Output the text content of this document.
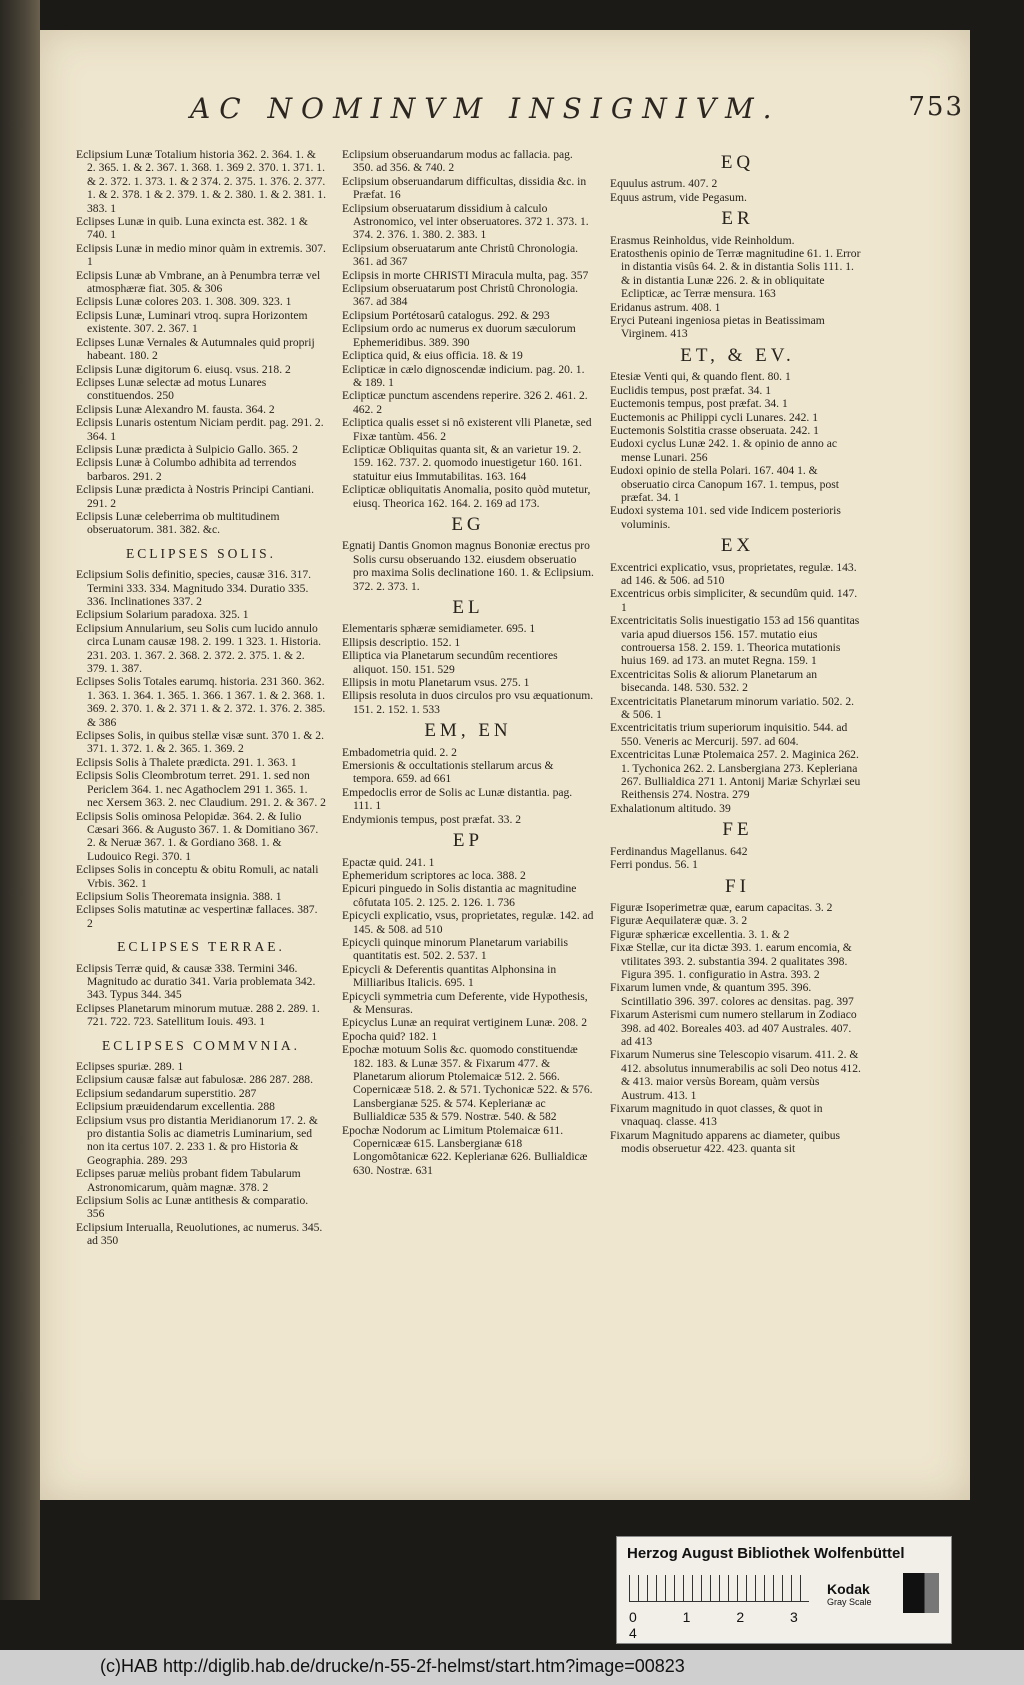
AC NOMINVM INSIGNIVM.	753

Eclipsium Lunæ Totalium historia 362. 2. 364. 1. & 2. 365. 1. & 2. 367. 1. 368. 1. 369 2. 370. 1. 371. 1. & 2. 372. 1. 373. 1. & 2 374. 2. 375. 1. 376. 2. 377. 1. & 2. 378. 1 & 2. 379. 1. & 2. 380. 1. & 2. 381. 1. 383. 1

Eclipses Lunæ in quib. Luna exincta est. 382. 1 & 740. 1

Eclipsis Lunæ in medio minor quàm in extremis. 307. 1

Eclipsis Lunæ ab Vmbrane, an à Penumbra terræ vel atmosphæræ fiat. 305. & 306

Eclipsis Lunæ colores 203. 1. 308. 309. 323. 1

Eclipsis Lunæ, Luminari vtroq. supra Horizontem existente. 307. 2. 367. 1

Eclipses Lunæ Vernales & Autumnales quid proprij habeant. 180. 2

Eclipsis Lunæ digitorum 6. eiusq. vsus. 218. 2

Eclipses Lunæ selectæ ad motus Lunares constituendos. 250

Eclipsis Lunæ Alexandro M. fausta. 364. 2

Eclipsis Lunaris ostentum Niciam perdit. pag. 291. 2. 364. 1

Eclipsis Lunæ prædicta à Sulpicio Gallo. 365. 2

Eclipsis Lunæ à Columbo adhibita ad terrendos barbaros. 291. 2

Eclipsis Lunæ prædicta à Nostris Principi Cantiani. 291. 2

Eclipsis Lunæ celeberrima ob multitudinem obseruatorum. 381. 382. &c.

ECLIPSES SOLIS.

Eclipsium Solis definitio, species, causæ 316. 317. Termini 333. 334. Magnitudo 334. Duratio 335. 336. Inclinationes 337. 2

Eclipsium Solarium paradoxa. 325. 1

Eclipsium Annularium, seu Solis cum lucido annulo circa Lunam causæ 198. 2. 199. 1 323. 1. Historia. 231. 203. 1. 367. 2. 368. 2. 372. 2. 375. 1. & 2. 379. 1. 387.

Eclipses Solis Totales earumq. historia. 231 360. 362. 1. 363. 1. 364. 1. 365. 1. 366. 1 367. 1. & 2. 368. 1. 369. 2. 370. 1. & 2. 371 1. & 2. 372. 1. 376. 2. 385. & 386

Eclipses Solis, in quibus stellæ visæ sunt. 370 1. & 2. 371. 1. 372. 1. & 2. 365. 1. 369. 2

Eclipsis Solis à Thalete prædicta. 291. 1. 363. 1

Eclipsis Solis Cleombrotum terret. 291. 1. sed non Periclem 364. 1. nec Agathoclem 291 1. 365. 1. nec Xersem 363. 2. nec Claudium. 291. 2. & 367. 2

Eclipsis Solis ominosa Pelopidæ. 364. 2. & Iulio Cæsari 366. & Augusto 367. 1. & Domitiano 367. 2. & Neruæ 367. 1. & Gordiano 368. 1. & Ludouico Regi. 370. 1

Eclipses Solis in conceptu & obitu Romuli, ac natali Vrbis. 362. 1

Eclipsium Solis Theoremata insignia. 388. 1

Eclipses Solis matutinæ ac vespertinæ fallaces. 387. 2

ECLIPSES TERRAE.

Eclipsis Terræ quid, & causæ 338. Termini 346. Magnitudo ac duratio 341. Varia problemata 342. 343. Typus 344. 345

Eclipses Planetarum minorum mutuæ. 288 2. 289. 1. 721. 722. 723. Satellitum Iouis. 493. 1

ECLIPSES COMMVNIA.

Eclipses spuriæ. 289. 1

Eclipsium causæ falsæ aut fabulosæ. 286 287. 288.

Eclipsium sedandarum superstitio. 287

Eclipsium præuidendarum excellentia. 288

Eclipsium vsus pro distantia Meridianorum 17. 2. & pro distantia Solis ac diametris Luminarium, sed non ita certus 107. 2. 233 1. & pro Historia & Geographia. 289. 293

Eclipses paruæ meliùs probant fidem Tabularum Astronomicarum, quàm magnæ. 378. 2

Eclipsium Solis ac Lunæ antithesis & comparatio. 356

Eclipsium Interualla, Reuolutiones, ac numerus. 345. ad 350

Eclipsium obseruandarum modus ac fallacia. pag. 350. ad 356. & 740. 2

Eclipsium obseruandarum difficultas, dissidia &c. in Præfat. 16

Eclipsium obseruatarum dissidium à calculo Astronomico, vel inter obseruatores. 372 1. 373. 1. 374. 2. 376. 1. 380. 2. 383. 1

Eclipsium obseruatarum ante Christû Chronologia. 361. ad 367

Eclipsis in morte CHRISTI Miracula multa, pag. 357

Eclipsium obseruatarum post Christû Chronologia. 367. ad 384

Eclipsium Portétosarû catalogus. 292. & 293

Eclipsium ordo ac numerus ex duorum sæculorum Ephemeridibus. 389. 390

Ecliptica quid, & eius officia. 18. & 19

Eclipticæ in cælo dignoscendæ indicium. pag. 20. 1. & 189. 1

Eclipticæ punctum ascendens reperire. 326 2. 461. 2. 462. 2

Ecliptica qualis esset si nô existerent vlli Planetæ, sed Fixæ tantùm. 456. 2

Eclipticæ Obliquitas quanta sit, & an varietur 19. 2. 159. 162. 737. 2. quomodo inuestigetur 160. 161. statuitur eius Immutabilitas. 163. 164

Eclipticæ obliquitatis Anomalia, posito quòd mutetur, eiusq. Theorica 162. 164. 2. 169 ad 173.

EG

Egnatij Dantis Gnomon magnus Bononiæ erectus pro Solis cursu obseruando 132. eiusdem obseruatio pro maxima Solis declinatione 160. 1. & Eclipsium. 372. 2. 373. 1.

EL

Elementaris sphæræ semidiameter. 695. 1

Ellipsis descriptio. 152. 1

Elliptica via Planetarum secundûm recentiores aliquot. 150. 151. 529

Ellipsis in motu Planetarum vsus. 275. 1

Ellipsis resoluta in duos circulos pro vsu æquationum. 151. 2. 152. 1. 533

EM, EN

Embadometria quid. 2. 2

Emersionis & occultationis stellarum arcus & tempora. 659. ad 661

Empedoclis error de Solis ac Lunæ distantia. pag. 111. 1

Endymionis tempus, post præfat. 33. 2

EP

Epactæ quid. 241. 1

Ephemeridum scriptores ac loca. 388. 2

Epicuri pinguedo in Solis distantia ac magnitudine côfutata 105. 2. 125. 2. 126. 1. 736

Epicycli explicatio, vsus, proprietates, regulæ. 142. ad 145. & 508. ad 510

Epicycli quinque minorum Planetarum variabilis quantitatis est. 502. 2. 537. 1

Epicycli & Deferentis quantitas Alphonsina in Milliaribus Italicis. 695. 1

Epicycli symmetria cum Deferente, vide Hypothesis, & Mensuras.

Epicyclus Lunæ an requirat vertiginem Lunæ. 208. 2

Epocha quid? 182. 1

Epochæ motuum Solis &c. quomodo constituendæ 182. 183. & Lunæ 357. & Fixarum 477. & Planetarum aliorum Ptolemaicæ 512. 2. 566. Copernicææ 518. 2. & 571. Tychonicæ 522. & 576. Lansbergianæ 525. & 574. Keplerianæ ac Bullialdicæ 535 & 579. Nostræ. 540. & 582

Epochæ Nodorum ac Limitum Ptolemaicæ 611. Copernicææ 615. Lansbergianæ 618 Longomôtanicæ 622. Keplerianæ 626. Bullialdicæ 630. Nostræ. 631

EQ

Equulus astrum. 407. 2

Equus astrum, vide Pegasum.

ER

Erasmus Reinholdus, vide Reinholdum.

Eratosthenis opinio de Terræ magnitudine 61. 1. Error in distantia visûs 64. 2. & in distantia Solis 111. 1. & in distantia Lunæ 226. 2. & in obliquitate Eclipticæ, ac Terræ mensura. 163

Eridanus astrum. 408. 1

Eryci Puteani ingeniosa pietas in Beatissimam Virginem. 413

ET, & EV.

Etesiæ Venti qui, & quando flent. 80. 1

Euclidis tempus, post præfat. 34. 1

Euctemonis tempus, post præfat. 34. 1

Euctemonis ac Philippi cycli Lunares. 242. 1

Euctemonis Solstitia crasse obseruata. 242. 1

Eudoxi cyclus Lunæ 242. 1. & opinio de anno ac mense Lunari. 256

Eudoxi opinio de stella Polari. 167. 404 1. & obseruatio circa Canopum 167. 1. tempus, post præfat. 34. 1

Eudoxi systema 101. sed vide Indicem posterioris voluminis.

EX

Excentrici explicatio, vsus, proprietates, regulæ. 143. ad 146. & 506. ad 510

Excentricus orbis simpliciter, & secundûm quid. 147. 1

Excentricitatis Solis inuestigatio 153 ad 156 quantitas varia apud diuersos 156. 157. mutatio eius controuersa 158. 2. 159. 1. Theorica mutationis huius 169. ad 173. an mutet Regna. 159. 1

Excentricitas Solis & aliorum Planetarum an bisecanda. 148. 530. 532. 2

Excentricitatis Planetarum minorum variatio. 502. 2. & 506. 1

Excentricitatis trium superiorum inquisitio. 544. ad 550. Veneris ac Mercurij. 597. ad 604.

Excentricitas Lunæ Ptolemaica 257. 2. Maginica 262. 1. Tychonica 262. 2. Lansbergiana 273. Kepleriana 267. Bullialdica 271 1. Antonij Mariæ Schyrlæi seu Reithensis 274. Nostra. 279

Exhalationum altitudo. 39

FE

Ferdinandus Magellanus. 642

Ferri pondus. 56. 1

FI

Figuræ Isoperimetræ quæ, earum capacitas. 3. 2

Figuræ Aequilateræ quæ. 3. 2

Figuræ sphæricæ excellentia. 3. 1. & 2

Fixæ Stellæ, cur ita dictæ 393. 1. earum encomia, & vtilitates 393. 2. substantia 394. 2 qualitates 398. Figura 395. 1. configuratio in Astra. 393. 2

Fixarum lumen vnde, & quantum 395. 396. Scintillatio 396. 397. colores ac densitas. pag. 397

Fixarum Asterismi cum numero stellarum in Zodiaco 398. ad 402. Boreales 403. ad 407 Australes. 407. ad 413

Fixarum Numerus sine Telescopio visarum. 411. 2. & 412. absolutus innumerabilis ac soli Deo notus 412. & 413. maior versùs Boream, quàm versùs Austrum. 413. 1

Fixarum magnitudo in quot classes, & quot in vnaquaq. classe. 413

Fixarum Magnitudo apparens ac diameter, quibus modis obseruetur 422. 423. quanta sit

Herzog August Bibliothek Wolfenbüttel
0 1 2 3 4
Kodak
Gray Scale
(c)HAB http://diglib.hab.de/drucke/n-55-2f-helmst/start.htm?image=00823
